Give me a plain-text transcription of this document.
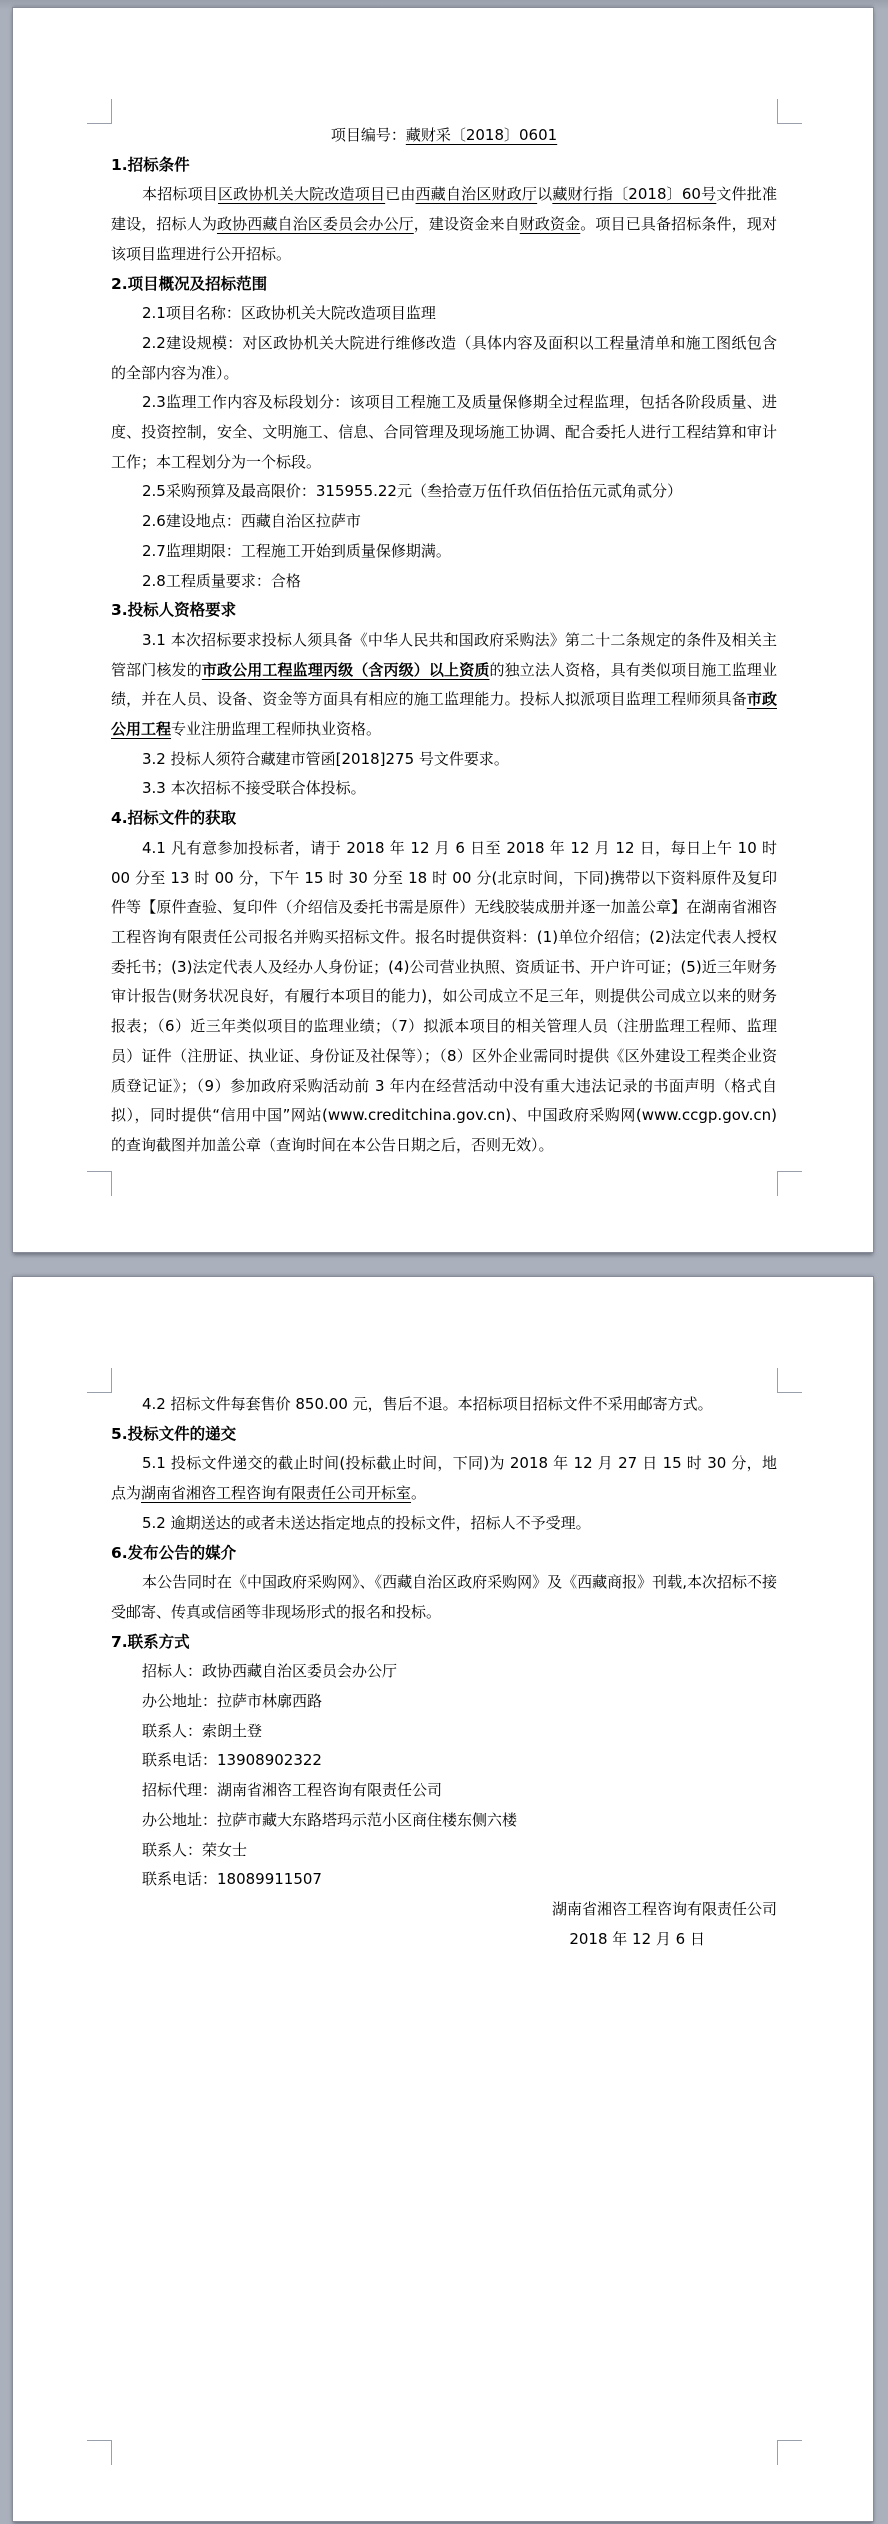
项目编号：藏财采〔2018〕0601

1.招标条件

本招标项目区政协机关大院改造项目已由西藏自治区财政厅以藏财行指〔2018〕60号文件批准建设，招标人为政协西藏自治区委员会办公厅，建设资金来自财政资金。项目已具备招标条件，现对该项目监理进行公开招标。

2.项目概况及招标范围

2.1项目名称：区政协机关大院改造项目监理

2.2建设规模：对区政协机关大院进行维修改造（具体内容及面积以工程量清单和施工图纸包含的全部内容为准）。

2.3监理工作内容及标段划分：该项目工程施工及质量保修期全过程监理，包括各阶段质量、进度、投资控制，安全、文明施工、信息、合同管理及现场施工协调、配合委托人进行工程结算和审计工作；本工程划分为一个标段。

2.5采购预算及最高限价：315955.22元（叁拾壹万伍仟玖佰伍拾伍元贰角贰分）

2.6建设地点：西藏自治区拉萨市

2.7监理期限：工程施工开始到质量保修期满。

2.8工程质量要求：合格

3.投标人资格要求

3.1 本次招标要求投标人须具备《中华人民共和国政府采购法》第二十二条规定的条件及相关主管部门核发的市政公用工程监理丙级（含丙级）以上资质的独立法人资格，具有类似项目施工监理业绩，并在人员、设备、资金等方面具有相应的施工监理能力。投标人拟派项目监理工程师须具备市政公用工程专业注册监理工程师执业资格。

3.2 投标人须符合藏建市管函[2018]275 号文件要求。

3.3 本次招标不接受联合体投标。

4.招标文件的获取

4.1 凡有意参加投标者，请于 2018 年 12 月 6 日至 2018 年 12 月 12 日，每日上午 10 时 00 分至 13 时 00 分，下午 15 时 30 分至 18 时 00 分(北京时间，下同)携带以下资料原件及复印件等【原件查验、复印件（介绍信及委托书需是原件）无线胶装成册并逐一加盖公章】在湖南省湘咨工程咨询有限责任公司报名并购买招标文件。报名时提供资料：(1)单位介绍信；(2)法定代表人授权委托书；(3)法定代表人及经办人身份证；(4)公司营业执照、资质证书、开户许可证；(5)近三年财务审计报告(财务状况良好，有履行本项目的能力)，如公司成立不足三年，则提供公司成立以来的财务报表；（6）近三年类似项目的监理业绩；（7）拟派本项目的相关管理人员（注册监理工程师、监理员）证件（注册证、执业证、身份证及社保等）；（8）区外企业需同时提供《区外建设工程类企业资质登记证》；（9）参加政府采购活动前 3 年内在经营活动中没有重大违法记录的书面声明（格式自拟），同时提供“信用中国”网站(www.creditchina.gov.cn)、中国政府采购网(www.ccgp.gov.cn)的查询截图并加盖公章（查询时间在本公告日期之后，否则无效）。

4.2 招标文件每套售价 850.00 元，售后不退。本招标项目招标文件不采用邮寄方式。

5.投标文件的递交

5.1 投标文件递交的截止时间(投标截止时间，下同)为 2018 年 12 月 27 日 15 时 30 分，地点为湖南省湘咨工程咨询有限责任公司开标室。

5.2 逾期送达的或者未送达指定地点的投标文件，招标人不予受理。

6.发布公告的媒介

本公告同时在《中国政府采购网》、《西藏自治区政府采购网》及《西藏商报》刊载,本次招标不接受邮寄、传真或信函等非现场形式的报名和投标。

7.联系方式

招标人：政协西藏自治区委员会办公厅

办公地址：拉萨市林廓西路

联系人：索朗土登

联系电话：13908902322

招标代理：湖南省湘咨工程咨询有限责任公司

办公地址：拉萨市藏大东路塔玛示范小区商住楼东侧六楼

联系人：荣女士

联系电话：18089911507

湖南省湘咨工程咨询有限责任公司

2018 年 12 月 6 日
